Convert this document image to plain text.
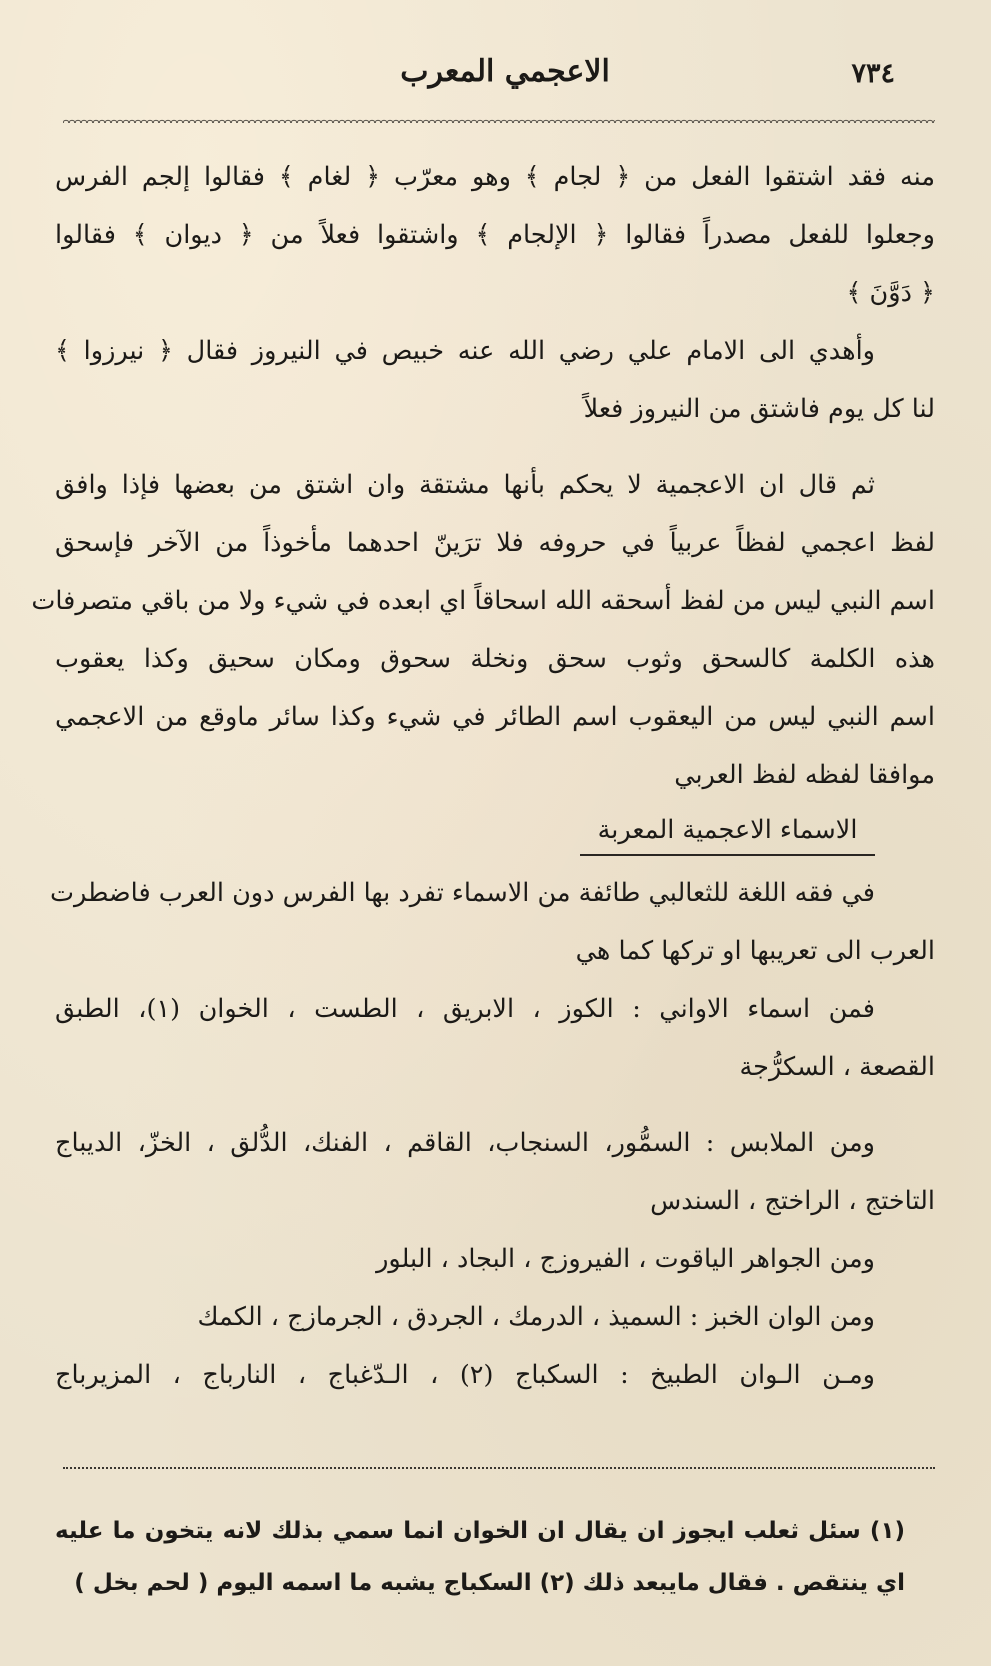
٧٣٤
الاعجمي المعرب
منه فقد اشتقوا الفعل من ﴿ لجام ﴾ وهو معرّب ﴿ لغام ﴾ فقالوا إلجم الفرس
وجعلوا للفعل مصدراً فقالوا ﴿ الإلجام ﴾ واشتقوا فعلاً من ﴿ ديوان ﴾ فقالوا
﴿ دَوَّنَ ﴾
وأهدي الى الامام علي رضي الله عنه خبيص في النيروز فقال ﴿ نيرزوا ﴾
لنا كل يوم فاشتق من النيروز فعلاً
ثم قال ان الاعجمية لا يحكم بأنها مشتقة وان اشتق من بعضها فإذا وافق
لفظ اعجمي لفظاً عربياً في حروفه فلا ترَينّ احدهما مأخوذاً من الآخر فإسحق
اسم النبي ليس من لفظ أسحقه الله اسحاقاً اي ابعده في شيء ولا من باقي متصرفات
هذه الكلمة كالسحق وثوب سحق ونخلة سحوق ومكان سحيق وكذا يعقوب
اسم النبي ليس من اليعقوب اسم الطائر في شيء وكذا سائر ماوقع من الاعجمي
موافقا لفظه لفظ العربي
الاسماء الاعجمية المعربة
في فقه اللغة للثعالبي طائفة من الاسماء تفرد بها الفرس دون العرب فاضطرت
العرب الى تعريبها او تركها كما هي
فمن اسماء الاواني : الكوز ، الابريق ، الطست ، الخوان (١)، الطبق
القصعة ، السكرُّجة
ومن الملابس : السمُّور، السنجاب، القاقم ، الفنك، الدُّلق ، الخزّ، الديباج
التاختج ، الراختج ، السندس
ومن الجواهر الياقوت ، الفيروزج ، البجاد ، البلور
ومن الوان الخبز : السميذ ، الدرمك ، الجردق ، الجرمازج ، الكمك
ومـن الـوان الطبيخ : السكباج (٢) ، الـدّغباج ، النارباج ، المزيرباج
(١) سئل ثعلب ايجوز ان يقال ان الخوان انما سمي بذلك لانه يتخون ما عليه
اي ينتقص . فقال مايبعد ذلك (٢) السكباج يشبه ما اسمه اليوم ( لحم بخل )
